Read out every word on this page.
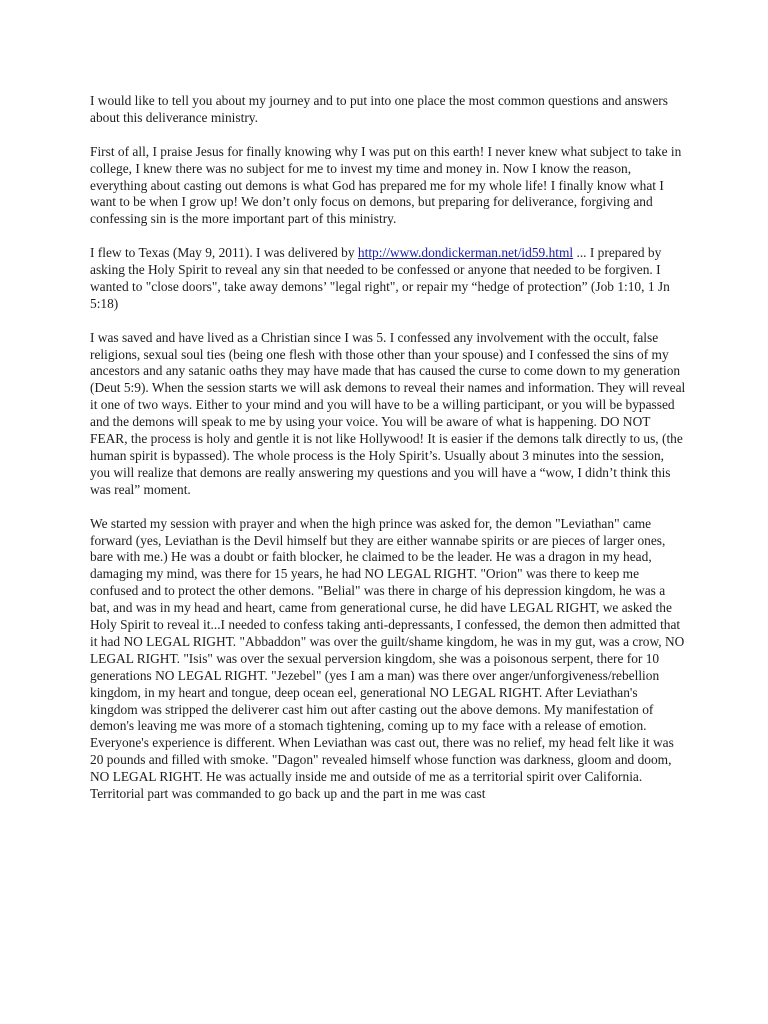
I would like to tell you about my journey and to put into one place the most common questions and answers about this deliverance ministry.

First of all, I praise Jesus for finally knowing why I was put on this earth! I never knew what subject to take in college, I knew there was no subject for me to invest my time and money in. Now I know the reason, everything about casting out demons is what God has prepared me for my whole life! I finally know what I want to be when I grow up! We don’t only focus on demons, but preparing for deliverance, forgiving and confessing sin is the more important part of this ministry.

I flew to Texas (May 9, 2011). I was delivered by http://www.dondickerman.net/id59.html ... I prepared by asking the Holy Spirit to reveal any sin that needed to be confessed or anyone that needed to be forgiven. I wanted to "close doors", take away demons’ "legal right", or repair my “hedge of protection” (Job 1:10, 1 Jn 5:18)

I was saved and have lived as a Christian since I was 5. I confessed any involvement with the occult, false religions, sexual soul ties (being one flesh with those other than your spouse) and I confessed the sins of my ancestors and any satanic oaths they may have made that has caused the curse to come down to my generation (Deut 5:9). When the session starts we will ask demons to reveal their names and information. They will reveal it one of two ways. Either to your mind and you will have to be a willing participant, or you will be bypassed and the demons will speak to me by using your voice. You will be aware of what is happening. DO NOT FEAR, the process is holy and gentle it is not like Hollywood! It is easier if the demons talk directly to us, (the human spirit is bypassed). The whole process is the Holy Spirit’s. Usually about 3 minutes into the session, you will realize that demons are really answering my questions and you will have a “wow, I didn’t think this was real” moment.

We started my session with prayer and when the high prince was asked for, the demon "Leviathan" came forward (yes, Leviathan is the Devil himself but they are either wannabe spirits or are pieces of larger ones, bare with me.) He was a doubt or faith blocker, he claimed to be the leader. He was a dragon in my head, damaging my mind, was there for 15 years, he had NO LEGAL RIGHT. "Orion" was there to keep me confused and to protect the other demons. "Belial" was there in charge of his depression kingdom, he was a bat, and was in my head and heart, came from generational curse, he did have LEGAL RIGHT, we asked the Holy Spirit to reveal it...I needed to confess taking anti-depressants, I confessed, the demon then admitted that it had NO LEGAL RIGHT. "Abbaddon" was over the guilt/shame kingdom, he was in my gut, was a crow, NO LEGAL RIGHT. "Isis" was over the sexual perversion kingdom, she was a poisonous serpent, there for 10 generations NO LEGAL RIGHT. "Jezebel" (yes I am a man) was there over anger/unforgiveness/rebellion kingdom, in my heart and tongue, deep ocean eel, generational NO LEGAL RIGHT. After Leviathan's kingdom was stripped the deliverer cast him out after casting out the above demons. My manifestation of demon's leaving me was more of a stomach tightening, coming up to my face with a release of emotion. Everyone's experience is different. When Leviathan was cast out, there was no relief, my head felt like it was 20 pounds and filled with smoke. "Dagon" revealed himself whose function was darkness, gloom and doom, NO LEGAL RIGHT. He was actually inside me and outside of me as a territorial spirit over California. Territorial part was commanded to go back up and the part in me was cast
